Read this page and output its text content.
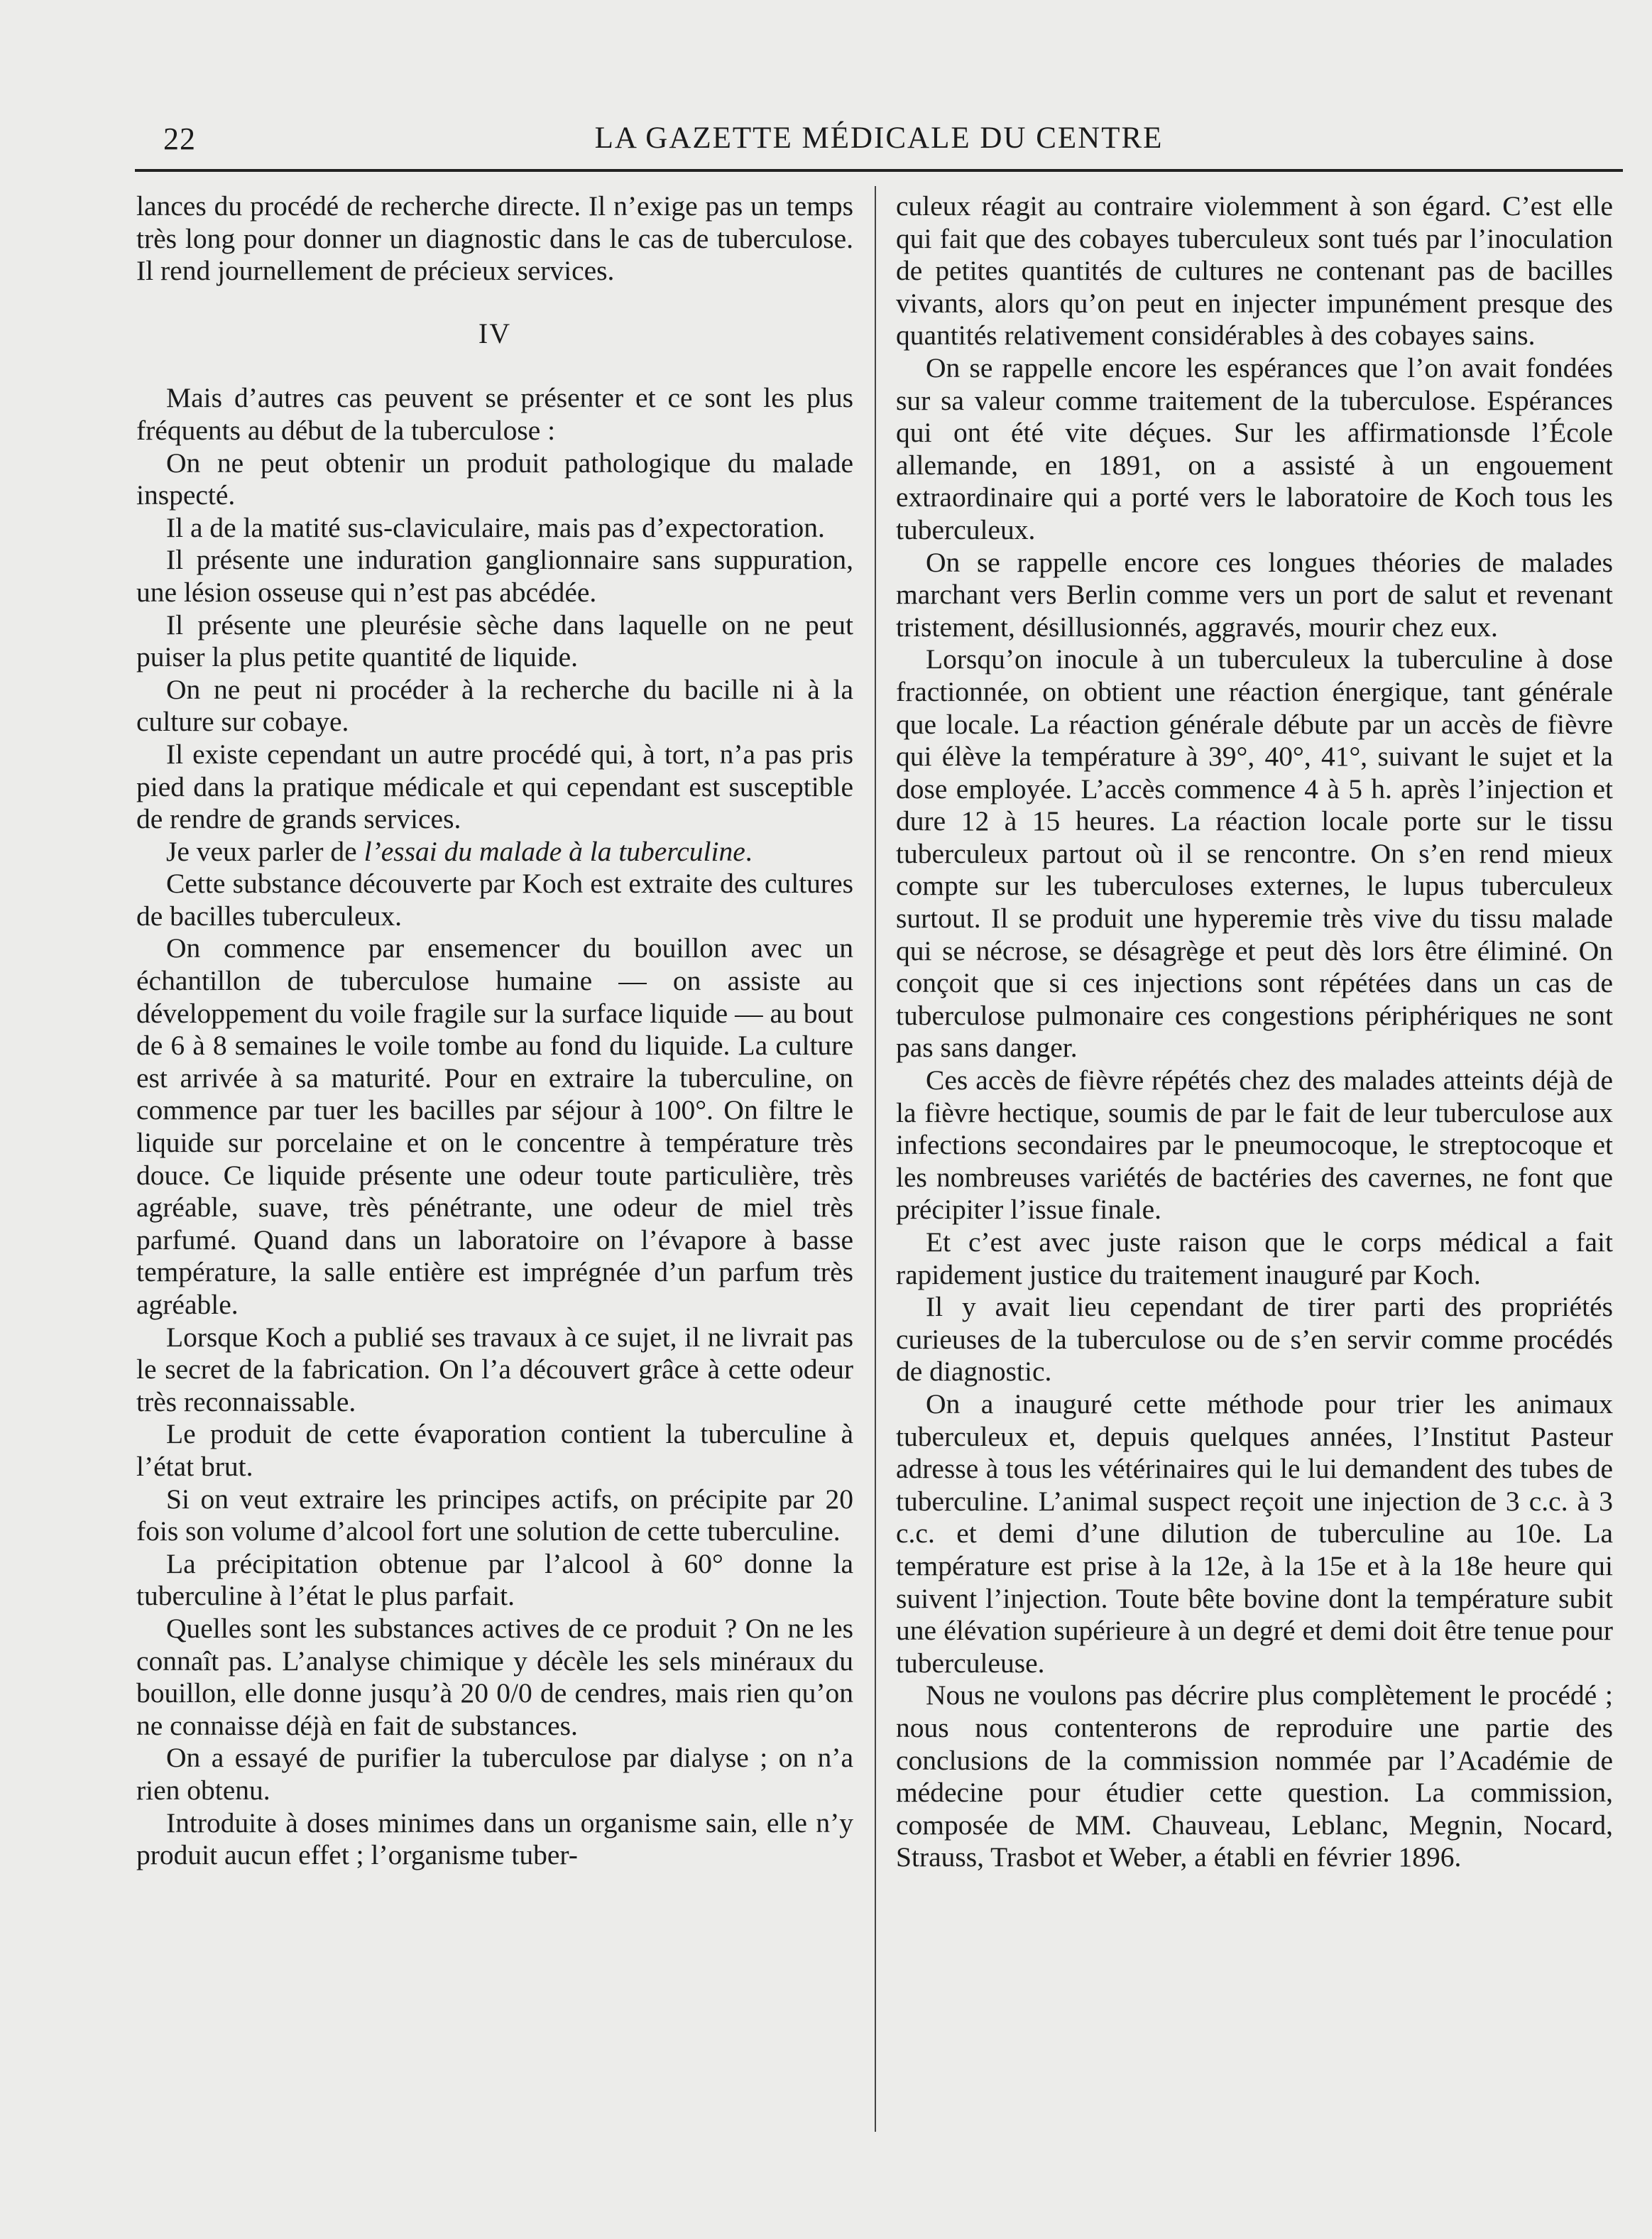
22	LA GAZETTE MÉDICALE DU CENTRE

lances du procédé de recherche directe. Il n’exige pas un temps très long pour donner un diagnostic dans le cas de tuberculose. Il rend journellement de précieux services.

IV

Mais d’autres cas peuvent se présenter et ce sont les plus fréquents au début de la tuberculose :

On ne peut obtenir un produit pathologique du malade inspecté.

Il a de la matité sus-claviculaire, mais pas d’expectoration.

Il présente une induration ganglionnaire sans suppuration, une lésion osseuse qui n’est pas abcédée.

Il présente une pleurésie sèche dans laquelle on ne peut puiser la plus petite quantité de liquide.

On ne peut ni procéder à la recherche du bacille ni à la culture sur cobaye.

Il existe cependant un autre procédé qui, à tort, n’a pas pris pied dans la pratique médicale et qui cependant est susceptible de rendre de grands services.

Je veux parler de l’essai du malade à la tuberculine.

Cette substance découverte par Koch est extraite des cultures de bacilles tuberculeux.

On commence par ensemencer du bouillon avec un échantillon de tuberculose humaine — on assiste au développement du voile fragile sur la surface liquide — au bout de 6 à 8 semaines le voile tombe au fond du liquide. La culture est arrivée à sa maturité. Pour en extraire la tuberculine, on commence par tuer les bacilles par séjour à 100°. On filtre le liquide sur porcelaine et on le concentre à température très douce. Ce liquide présente une odeur toute particulière, très agréable, suave, très pénétrante, une odeur de miel très parfumé. Quand dans un laboratoire on l’évapore à basse température, la salle entière est imprégnée d’un parfum très agréable.

Lorsque Koch a publié ses travaux à ce sujet, il ne livrait pas le secret de la fabrication. On l’a découvert grâce à cette odeur très reconnaissable.

Le produit de cette évaporation contient la tuberculine à l’état brut.

Si on veut extraire les principes actifs, on précipite par 20 fois son volume d’alcool fort une solution de cette tuberculine.

La précipitation obtenue par l’alcool à 60° donne la tuberculine à l’état le plus parfait.

Quelles sont les substances actives de ce produit ? On ne les connaît pas. L’analyse chimique y décèle les sels minéraux du bouillon, elle donne jusqu’à 20 0/0 de cendres, mais rien qu’on ne connaisse déjà en fait de substances.

On a essayé de purifier la tuberculose par dialyse ; on n’a rien obtenu.

Introduite à doses minimes dans un organisme sain, elle n’y produit aucun effet ; l’organisme tuber-

culeux réagit au contraire violemment à son égard. C’est elle qui fait que des cobayes tuberculeux sont tués par l’inoculation de petites quantités de cultures ne contenant pas de bacilles vivants, alors qu’on peut en injecter impunément presque des quantités relativement considérables à des cobayes sains.

On se rappelle encore les espérances que l’on avait fondées sur sa valeur comme traitement de la tuberculose. Espérances qui ont été vite déçues. Sur les affirmationsde l’École allemande, en 1891, on a assisté à un engouement extraordinaire qui a porté vers le laboratoire de Koch tous les tuberculeux.

On se rappelle encore ces longues théories de malades marchant vers Berlin comme vers un port de salut et revenant tristement, désillusionnés, aggravés, mourir chez eux.

Lorsqu’on inocule à un tuberculeux la tuberculine à dose fractionnée, on obtient une réaction énergique, tant générale que locale. La réaction générale débute par un accès de fièvre qui élève la température à 39°, 40°, 41°, suivant le sujet et la dose employée. L’accès commence 4 à 5 h. après l’injection et dure 12 à 15 heures. La réaction locale porte sur le tissu tuberculeux partout où il se rencontre. On s’en rend mieux compte sur les tuberculoses externes, le lupus tuberculeux surtout. Il se produit une hyperemie très vive du tissu malade qui se nécrose, se désagrège et peut dès lors être éliminé. On conçoit que si ces injections sont répétées dans un cas de tuberculose pulmonaire ces congestions périphériques ne sont pas sans danger.

Ces accès de fièvre répétés chez des malades atteints déjà de la fièvre hectique, soumis de par le fait de leur tuberculose aux infections secondaires par le pneumocoque, le streptocoque et les nombreuses variétés de bactéries des cavernes, ne font que précipiter l’issue finale.

Et c’est avec juste raison que le corps médical a fait rapidement justice du traitement inauguré par Koch.

Il y avait lieu cependant de tirer parti des propriétés curieuses de la tuberculose ou de s’en servir comme procédés de diagnostic.

On a inauguré cette méthode pour trier les animaux tuberculeux et, depuis quelques années, l’Institut Pasteur adresse à tous les vétérinaires qui le lui demandent des tubes de tuberculine. L’animal suspect reçoit une injection de 3 c.c. à 3 c.c. et demi d’une dilution de tuberculine au 10e. La température est prise à la 12e, à la 15e et à la 18e heure qui suivent l’injection. Toute bête bovine dont la température subit une élévation supérieure à un degré et demi doit être tenue pour tuberculeuse.

Nous ne voulons pas décrire plus complètement le procédé ; nous nous contenterons de reproduire une partie des conclusions de la commission nommée par l’Académie de médecine pour étudier cette question. La commission, composée de MM. Chauveau, Leblanc, Megnin, Nocard, Strauss, Trasbot et Weber, a établi en février 1896.
